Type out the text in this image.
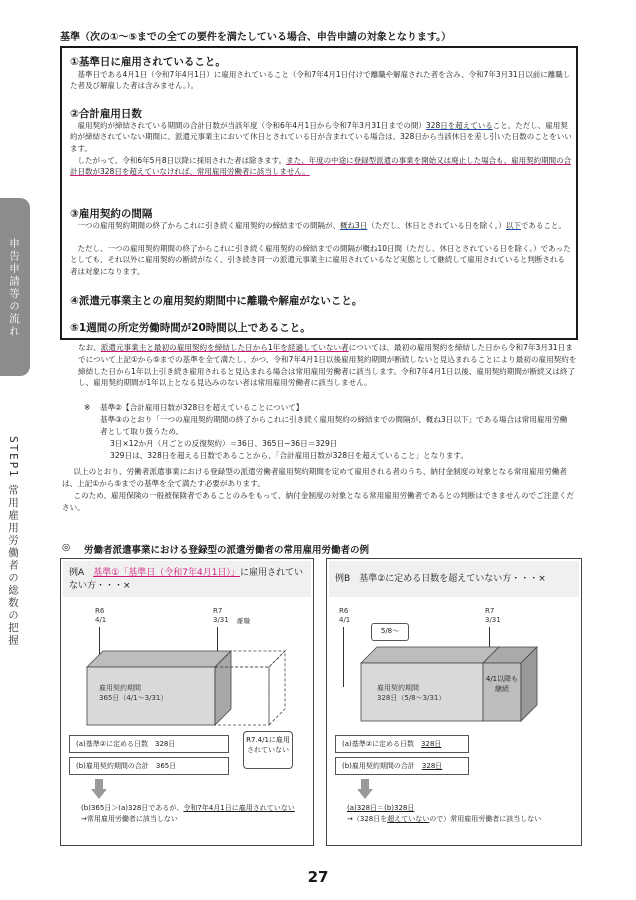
申告申請等の流れ
STEP1 常用雇用労働者の総数の把握
基準（次の①〜⑤までの全ての要件を満たしている場合、申告申請の対象となります。）
①基準日に雇用されていること。

基準日である4月1日（令和7年4月1日）に雇用されていること（令和7年4月1日付けで離職や解雇された者を含み、令和7年3月31日以前に離職した者及び解雇した者は含みません。）。

②合計雇用日数

雇用契約が締結されている期間の合計日数が当該年度（令和6年4月1日から令和7年3月31日までの間）328日を超えていること。ただし、雇用契約が締結されていない期間に、派遣元事業主において休日とされている日が含まれている場合は、328日から当該休日を差し引いた日数のことをいいます。

したがって、令和6年5月8日以降に採用された者は除きます。また、年度の中途に登録型派遣の事業を開始又は廃止した場合も、雇用契約期間の合計日数が328日を超えていなければ、常用雇用労働者に該当しません。

③雇用契約の間隔

一つの雇用契約期間の終了からこれに引き続く雇用契約の締結までの間隔が、概ね3日（ただし、休日とされている日を除く。）以下であること。

ただし、一つの雇用契約期間の終了からこれに引き続く雇用契約の締結までの間隔が概ね10日間（ただし、休日とされている日を除く。）であったとしても、それ以外に雇用契約の断続がなく、引き続き同一の派遣元事業主に雇用されているなど実態として継続して雇用されていると判断される者は対象になります。

④派遣元事業主との雇用契約期間中に離職や解雇がないこと。
⑤1週間の所定労働時間が20時間以上であること。

なお、派遣元事業主と最初の雇用契約を締結した日から1年を経過していない者については、最初の雇用契約を締結した日から令和7年3月31日までについて上記①から⑤までの基準を全て満たし、かつ、令和7年4月1日以後雇用契約期間が断続しないと見込まれることにより最初の雇用契約を締結した日から1年以上引き続き雇用されると見込まれる場合は常用雇用労働者に該当します。令和7年4月1日以後、雇用契約期間が断続又は終了し、雇用契約期間が1年以上となる見込みのない者は常用雇用労働者に該当しません。

※ 基準②【合計雇用日数が328日を超えていることについて】

基準③のとおり「一つの雇用契約期間の終了からこれに引き続く雇用契約の締結までの間隔が、概ね3日以下」である場合は常用雇用労働者として取り扱うため、

3日×12か月（月ごとの反復契約）＝36日、365日−36日＝329日
329日は、328日を超える日数であることから、「合計雇用日数が328日を超えていること」となります。

以上のとおり、労働者派遣事業における登録型の派遣労働者雇用契約期間を定めて雇用される者のうち、納付金制度の対象となる常用雇用労働者は、上記①から⑤までの基準を全て満たす必要があります。

このため、雇用保険の一般被保険者であることのみをもって、納付金制度の対象となる常用雇用労働者であるとの判断はできませんのでご注意ください。

◎ 労働者派遣事業における登録型の派遣労働者の常用雇用労働者の例
例A　 基準①「基準日（令和7年4月1日）」に雇用されていない方・・・×
R6
4/1
R7
3/31 離職
雇用契約期間
365日（4/1〜3/31）
(a)基準②に定める日数　328日
(b)雇用契約期間の合計　365日
R7.4/1に雇用されていない
(b)365日＞(a)328日であるが、令和7年4月1日に雇用されていない
→常用雇用労働者に該当しない
例B　 基準②に定める日数を超えていない方・・・×
R6
4/1
R7
3/31
5/8〜
雇用契約期間
328日（5/8〜3/31）
4/1以降も継続
(a)基準②に定める日数　 328日
(b)雇用契約期間の合計　 328日
(a)328日＝(b)328日
→（328日を超えていないので）常用雇用労働者に該当しない
27
